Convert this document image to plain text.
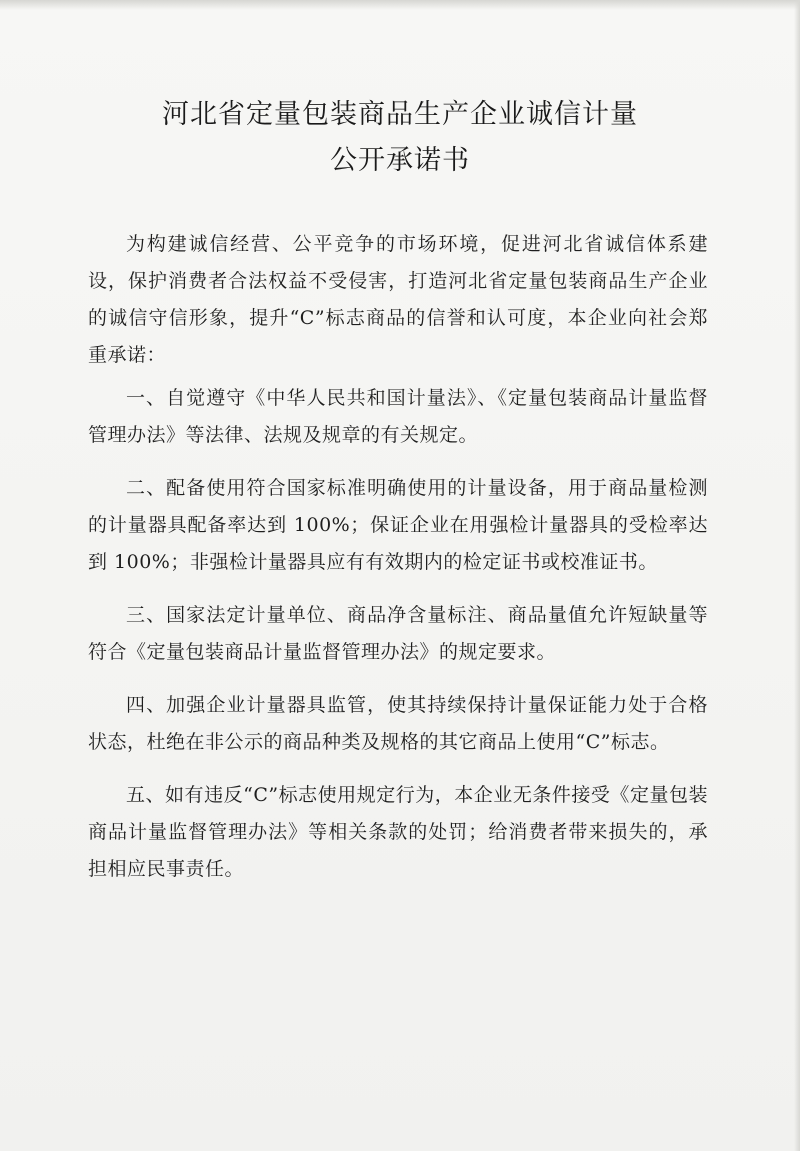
河北省定量包装商品生产企业诚信计量
公开承诺书

为构建诚信经营、公平竞争的市场环境，促进河北省诚信体系建设，保护消费者合法权益不受侵害，打造河北省定量包装商品生产企业的诚信守信形象，提升“C”标志商品的信誉和认可度，本企业向社会郑重承诺：

一、自觉遵守《中华人民共和国计量法》、《定量包装商品计量监督管理办法》等法律、法规及规章的有关规定。

二、配备使用符合国家标准明确使用的计量设备，用于商品量检测的计量器具配备率达到 100%；保证企业在用强检计量器具的受检率达到 100%；非强检计量器具应有有效期内的检定证书或校准证书。

三、国家法定计量单位、商品净含量标注、商品量值允许短缺量等符合《定量包装商品计量监督管理办法》的规定要求。

四、加强企业计量器具监管，使其持续保持计量保证能力处于合格状态，杜绝在非公示的商品种类及规格的其它商品上使用“C”标志。

五、如有违反“C”标志使用规定行为，本企业无条件接受《定量包装商品计量监督管理办法》等相关条款的处罚；给消费者带来损失的，承担相应民事责任。
